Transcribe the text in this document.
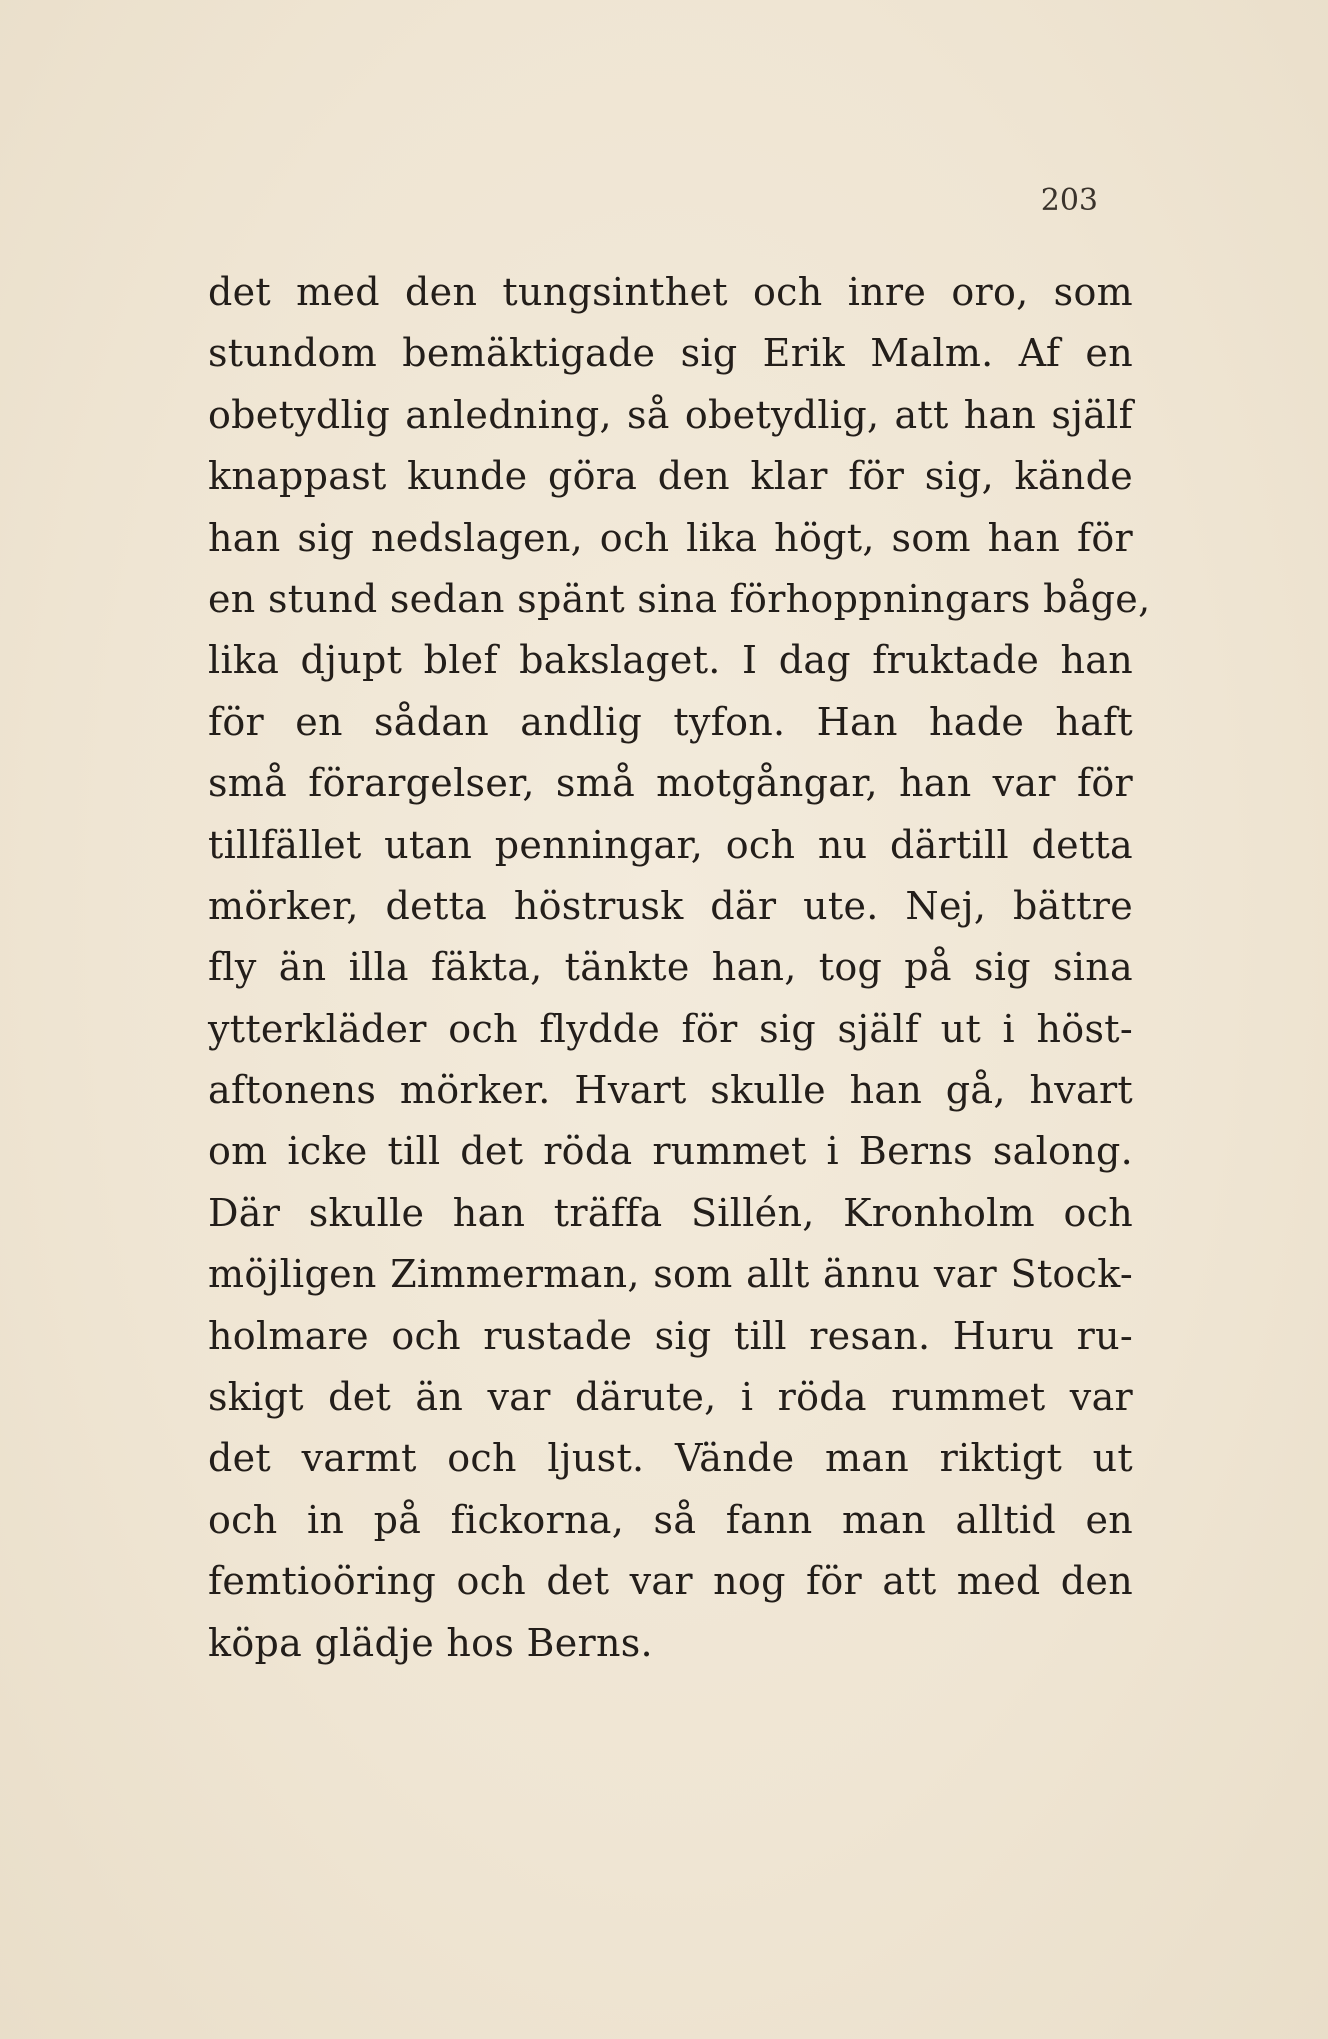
203
det med den tungsinthet och inre oro, som
stundom bemäktigade sig Erik Malm. Af en
obetydlig anledning, så obetydlig, att han själf
knappast kunde göra den klar för sig, kände
han sig nedslagen, och lika högt, som han för
en stund sedan spänt sina förhoppningars båge,
lika djupt blef bakslaget. I dag fruktade han
för en sådan andlig tyfon. Han hade haft
små förargelser, små motgångar, han var för
tillfället utan penningar, och nu därtill detta
mörker, detta höstrusk där ute. Nej, bättre
fly än illa fäkta, tänkte han, tog på sig sina
ytterkläder och flydde för sig själf ut i höst-
aftonens mörker. Hvart skulle han gå, hvart
om icke till det röda rummet i Berns salong.
Där skulle han träffa Sillén, Kronholm och
möjligen Zimmerman, som allt ännu var Stock-
holmare och rustade sig till resan. Huru ru-
skigt det än var därute, i röda rummet var
det varmt och ljust. Vände man riktigt ut
och in på fickorna, så fann man alltid en
femtioöring och det var nog för att med den
köpa glädje hos Berns.
